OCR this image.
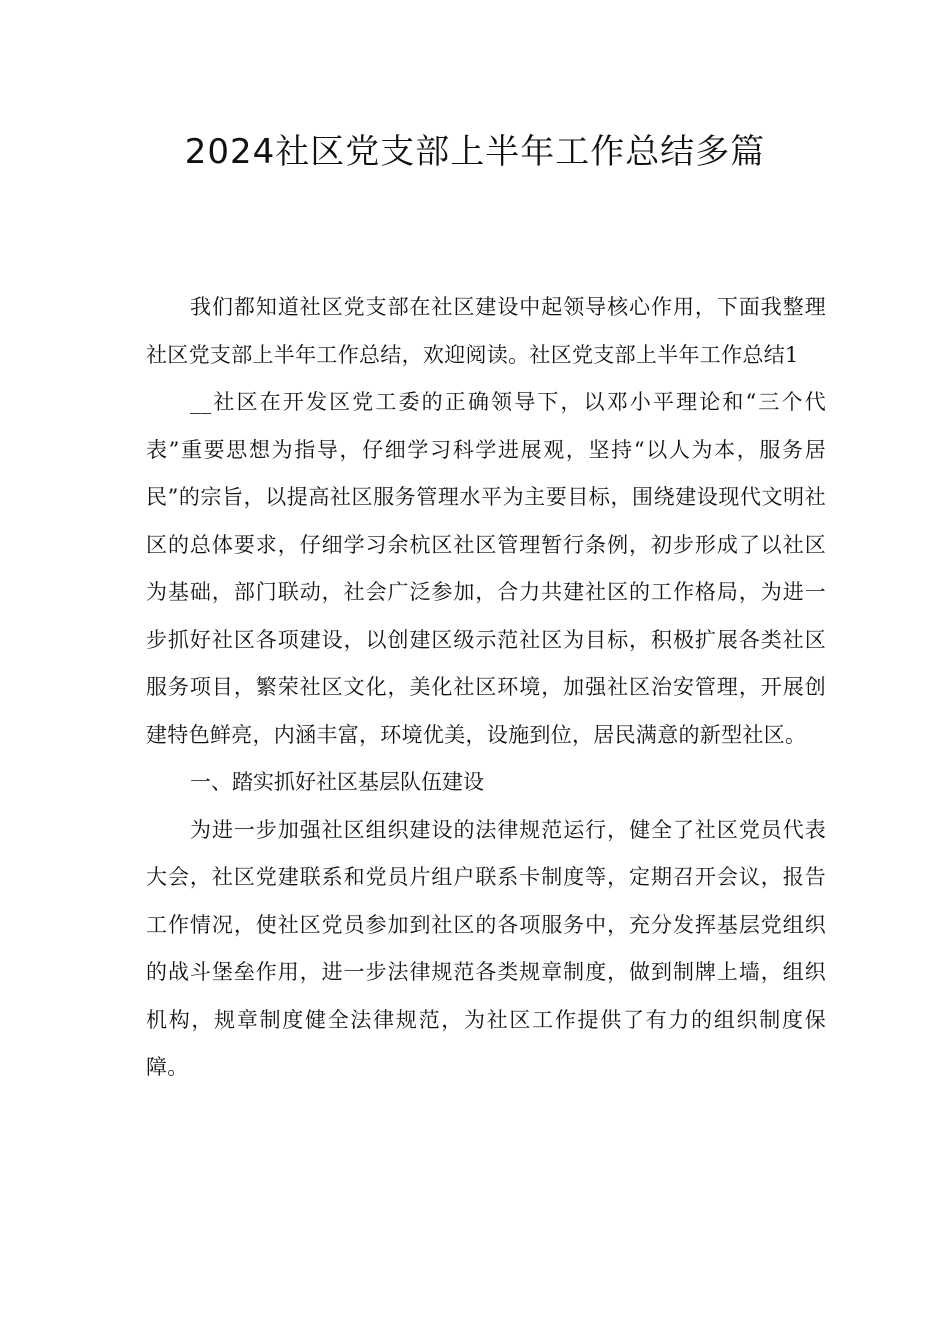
2024社区党支部上半年工作总结多篇

我们都知道社区党支部在社区建设中起领导核心作用，下面我整理社区党支部上半年工作总结，欢迎阅读。社区党支部上半年工作总结1

__社区在开发区党工委的正确领导下，以邓小平理论和“三个代表”重要思想为指导，仔细学习科学进展观，坚持“以人为本，服务居民”的宗旨，以提高社区服务管理水平为主要目标，围绕建设现代文明社区的总体要求，仔细学习余杭区社区管理暂行条例，初步形成了以社区为基础，部门联动，社会广泛参加，合力共建社区的工作格局，为进一步抓好社区各项建设，以创建区级示范社区为目标，积极扩展各类社区服务项目，繁荣社区文化，美化社区环境，加强社区治安管理，开展创建特色鲜亮，内涵丰富，环境优美，设施到位，居民满意的新型社区。

一、踏实抓好社区基层队伍建设

为进一步加强社区组织建设的法律规范运行，健全了社区党员代表大会，社区党建联系和党员片组户联系卡制度等，定期召开会议，报告工作情况，使社区党员参加到社区的各项服务中，充分发挥基层党组织的战斗堡垒作用，进一步法律规范各类规章制度，做到制牌上墙，组织机构，规章制度健全法律规范，为社区工作提供了有力的组织制度保障。
